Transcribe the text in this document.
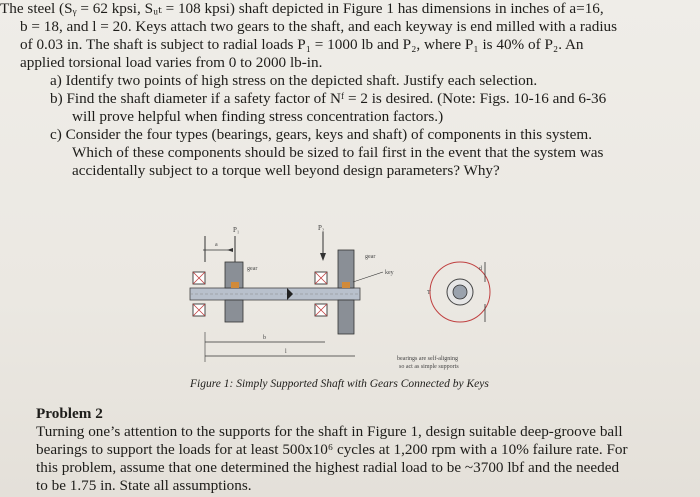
The steel (Sᵧ = 62 kpsi, Sᵤₜ = 108 kpsi) shaft depicted in Figure 1 has dimensions in inches of a=16,
b = 18, and l = 20. Keys attach two gears to the shaft, and each keyway is end milled with a radius
of 0.03 in. The shaft is subject to radial loads P₁ = 1000 lb and P₂, where P₁ is 40% of P₂. An
applied torsional load varies from 0 to 2000 lb-in.
a) Identify two points of high stress on the depicted shaft. Justify each selection.
b) Find the shaft diameter if a safety factor of Nᶠ = 2 is desired. (Note: Figs. 10-16 and 6-36
will prove helpful when finding stress concentration factors.)
c) Consider the four types (bearings, gears, keys and shaft) of components in this system.
Which of these components should be sized to fail first in the event that the system was
accidentally subject to a torque well beyond design parameters? Why?
a
P₁	P₂
gear
gear
key
b
l
T
d
bearings are self-aligning
so act as simple supports
Figure 1: Simply Supported Shaft with Gears Connected by Keys
Problem 2
Turning one’s attention to the supports for the shaft in Figure 1, design suitable deep-groove ball
bearings to support the loads for at least 500x10⁶ cycles at 1,200 rpm with a 10% failure rate. For
this problem, assume that one determined the highest radial load to be ~3700 lbf and the needed
to be 1.75 in. State all assumptions.
